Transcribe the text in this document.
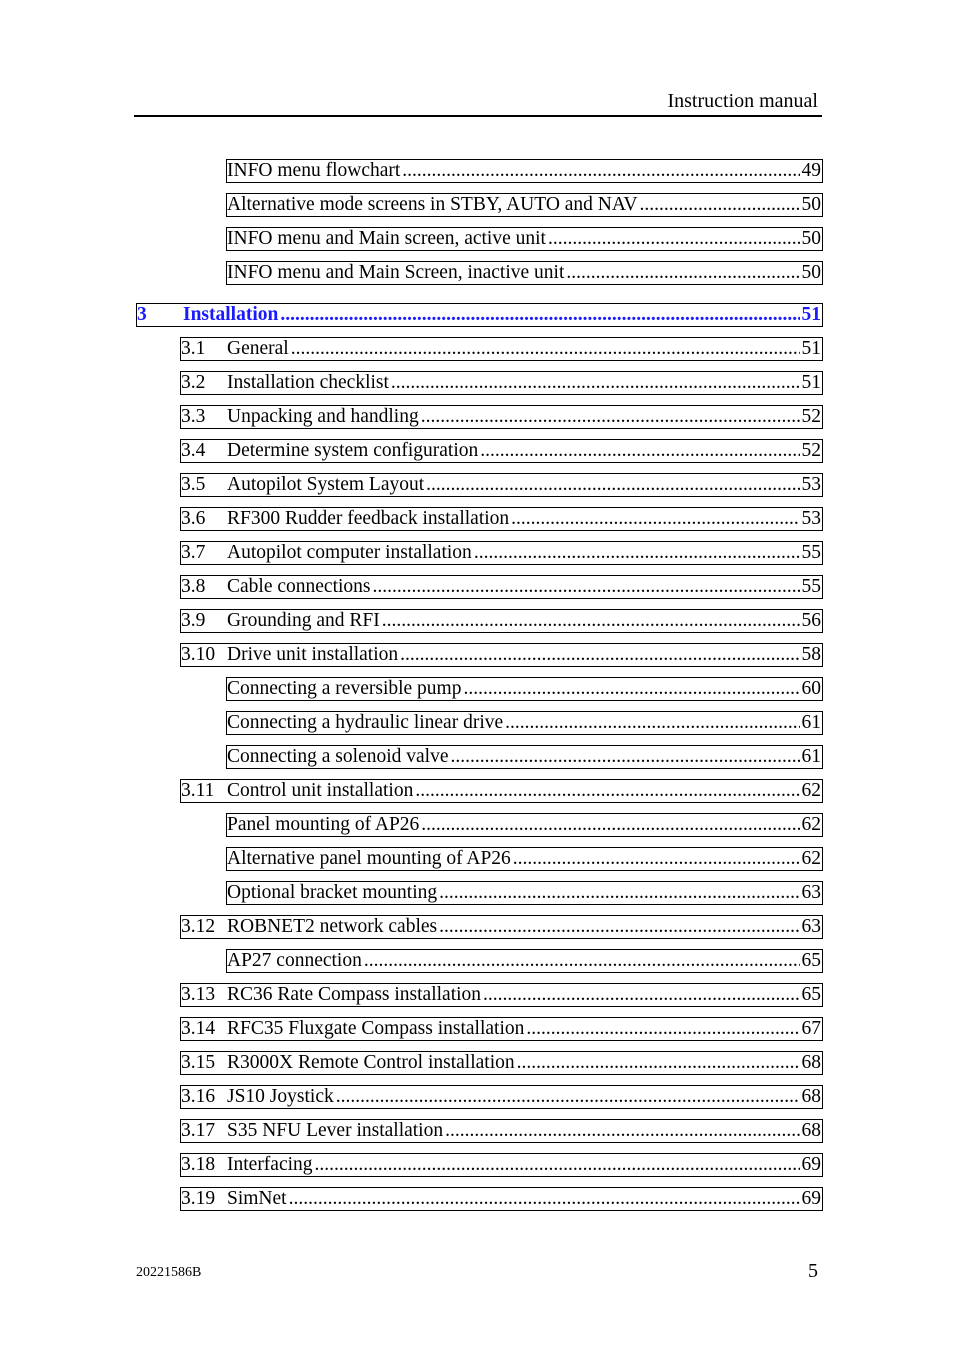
Instruction manual
INFO menu flowchart .....	49
Alternative mode screens in STBY, AUTO and NAV .....	50
INFO menu and Main screen, active unit .....	50
INFO menu and Main Screen, inactive unit .....	50
3	Installation .....	51
3.1	General .....	51
3.2	Installation checklist .....	51
3.3	Unpacking and handling .....	52
3.4	Determine system configuration .....	52
3.5	Autopilot System Layout .....	53
3.6	RF300 Rudder feedback installation .....	53
3.7	Autopilot computer installation .....	55
3.8	Cable connections .....	55
3.9	Grounding and RFI .....	56
3.10 Drive unit installation .....	58
Connecting a reversible pump .....	60
Connecting a hydraulic linear drive .....	61
Connecting a solenoid valve .....	61
3.11 Control unit installation .....	62
Panel mounting of AP26 .....	62
Alternative panel mounting of AP26 .....	62
Optional bracket mounting .....	63
3.12 ROBNET2 network cables .....	63
AP27 connection .....	65
3.13 RC36 Rate Compass installation .....	65
3.14 RFC35 Fluxgate Compass installation .....	67
3.15 R3000X Remote Control installation .....	68
3.16 JS10 Joystick .....	68
3.17 S35 NFU Lever installation .....	68
3.18 Interfacing .....	69
3.19 SimNet .....	69
20221586B	5
